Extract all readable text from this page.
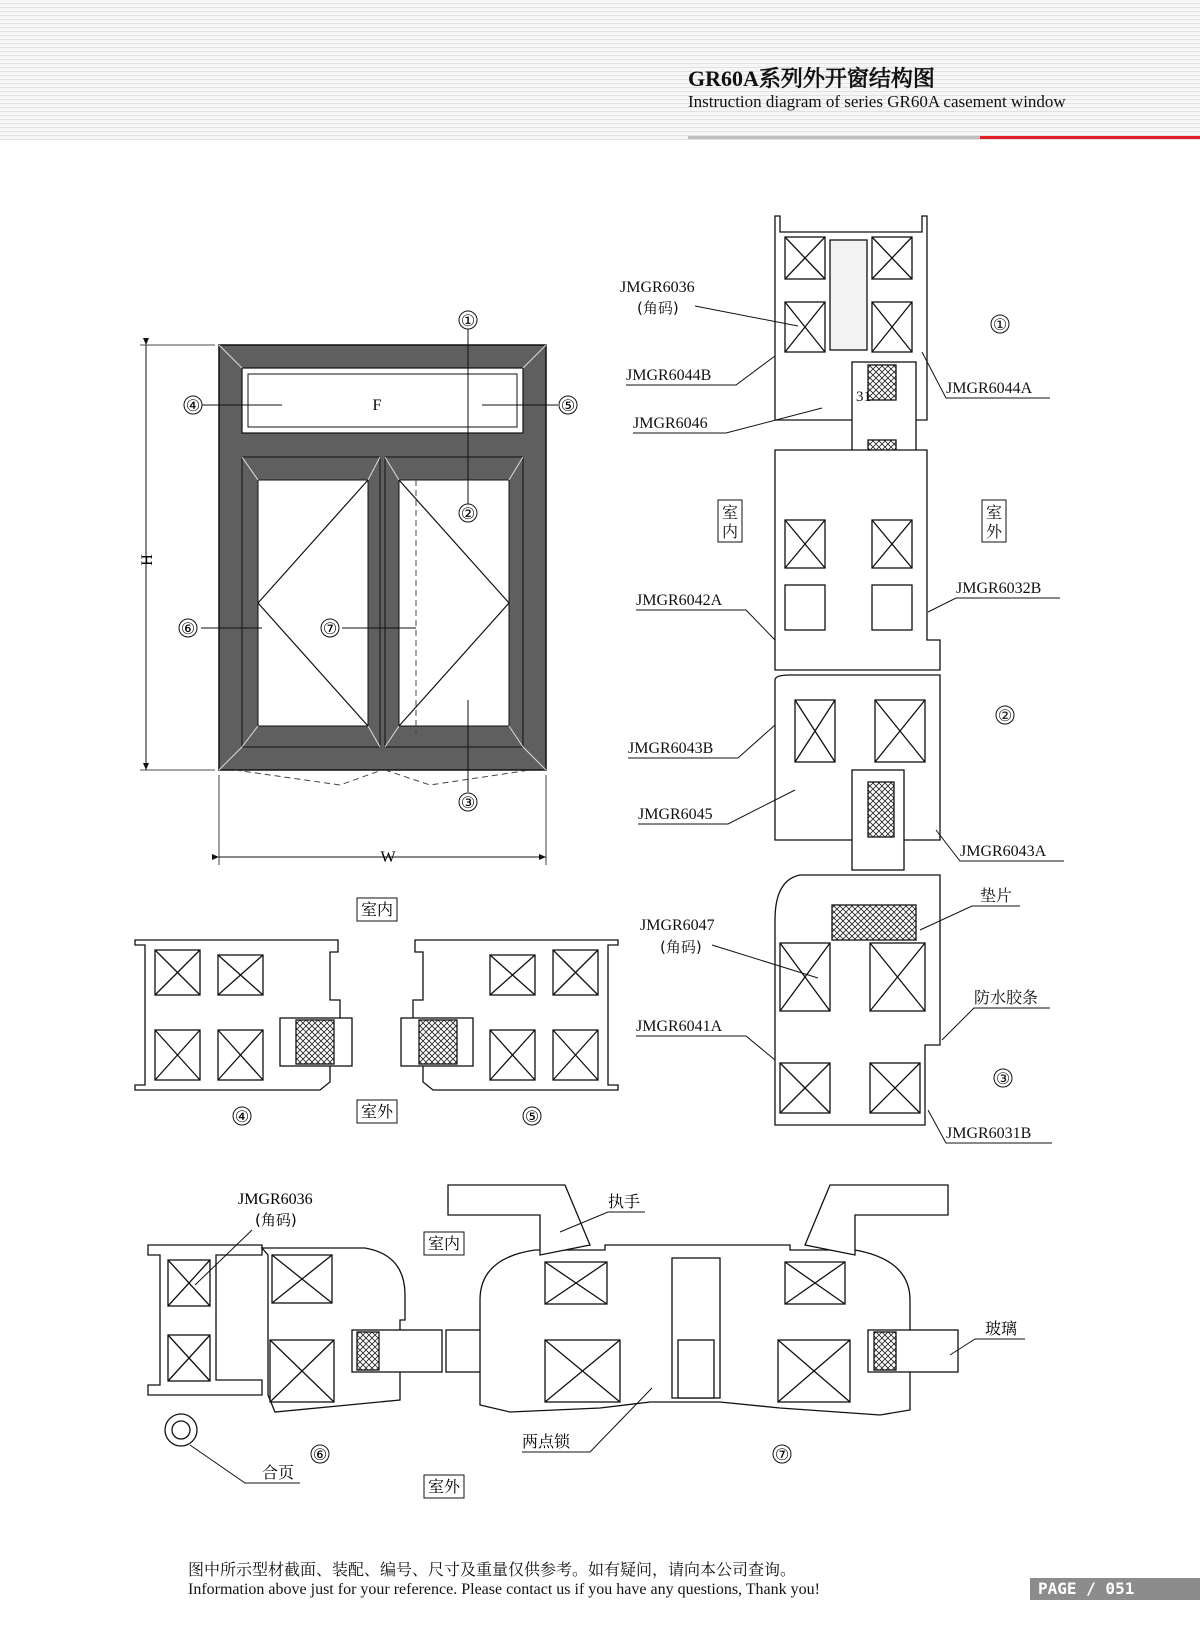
GR60A系列外开窗结构图
Instruction diagram of series GR60A casement window
F
①
②
③
④	⑤
⑥	⑦
W
H
JMGR6036
(角码)
JMGR6044B
JMGR6046
JMGR6044A
31
①
室
内
室
外
JMGR6042A
JMGR6032B
②
JMGR6043B
JMGR6045
JMGR6043A
垫片
JMGR6047
(角码)
防水胶条
JMGR6041A
③
JMGR6031B
室内
室外
④	⑤
JMGR6036
(角码)
室内
室外
执手
玻璃
两点锁
合页
⑥	⑦
图中所示型材截面、装配、编号、尺寸及重量仅供参考。如有疑问，请向本公司查询。
Information above just for your reference. Please contact us if you have any questions, Thank you!	PAGE / 051
